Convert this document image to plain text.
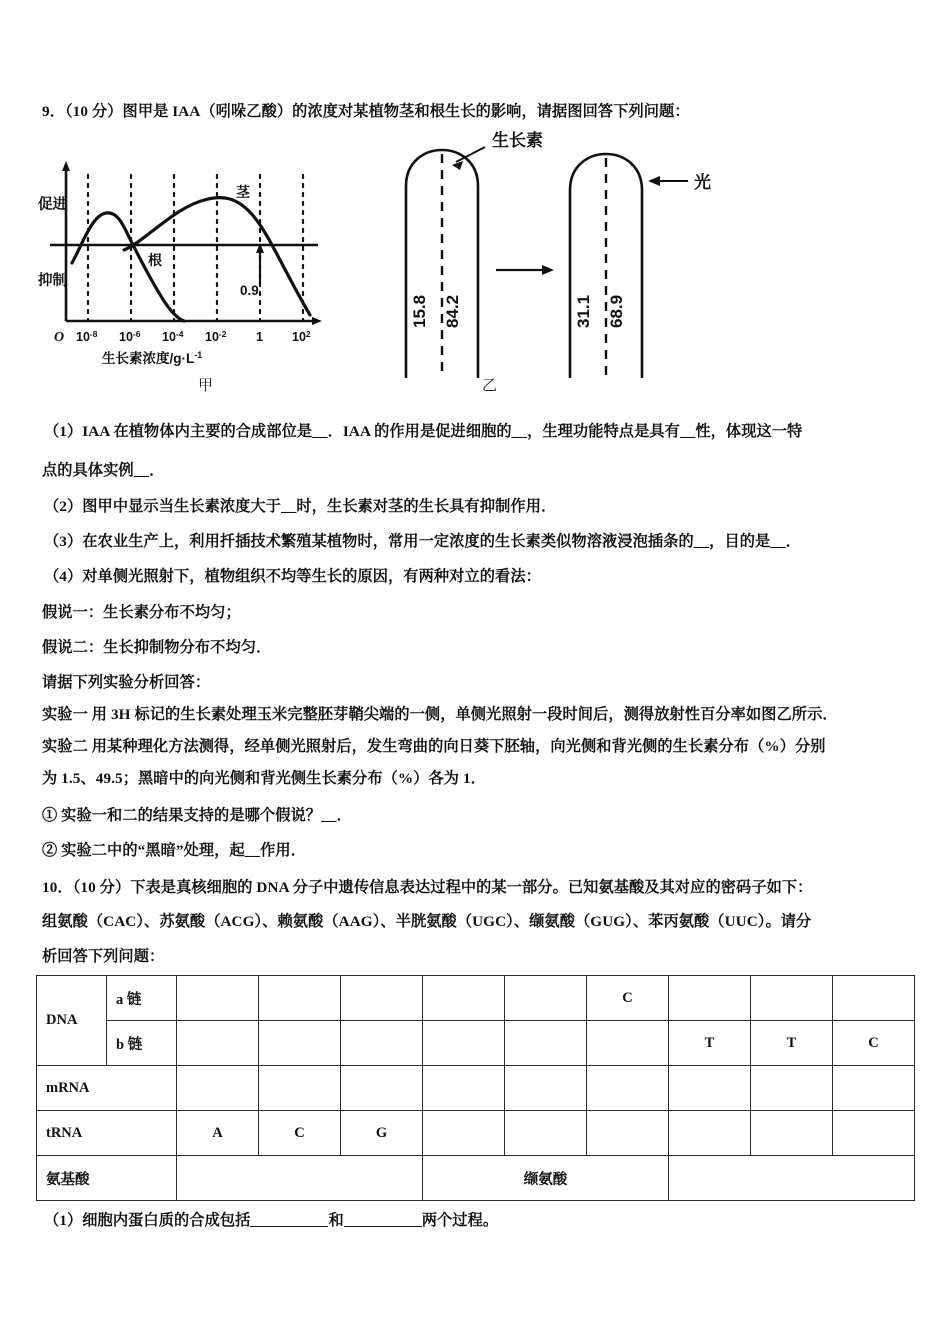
9．（10 分）图甲是 IAA（吲哚乙酸）的浓度对某植物茎和根生长的影响，请据图回答下列问题：
促进
抑制
茎
根
0.9
O $10^{-8}$ $10^{-6}$ $10^{-4}$ $10^{-2}$ 1 $10^2$
生长素浓度$/g\cdot L^{-1}$
15.8 84.2
生长素
31.1 68.9
光
甲	乙
（1）IAA 在植物体内主要的合成部位是__．IAA 的作用是促进细胞的__，生理功能特点是具有__性，体现这一特
点的具体实例__．
（2）图甲中显示当生长素浓度大于__时，生长素对茎的生长具有抑制作用．
（3）在农业生产上，利用扦插技术繁殖某植物时，常用一定浓度的生长素类似物溶液浸泡插条的__，目的是__．
（4）对单侧光照射下，植物组织不均等生长的原因，有两种对立的看法：
假说一：生长素分布不均匀；
假说二：生长抑制物分布不均匀．
请据下列实验分析回答：
实验一 用 3H 标记的生长素处理玉米完整胚芽鞘尖端的一侧，单侧光照射一段时间后，测得放射性百分率如图乙所示．
实验二 用某种理化方法测得，经单侧光照射后，发生弯曲的向日葵下胚轴，向光侧和背光侧的生长素分布（%）分别
为 1.5、49.5；黑暗中的向光侧和背光侧生长素分布（%）各为 1．
① 实验一和二的结果支持的是哪个假说？__．
② 实验二中的“黑暗”处理，起__作用．
10．（10 分）下表是真核细胞的 DNA 分子中遗传信息表达过程中的某一部分。已知氨基酸及其对应的密码子如下：
组氨酸（CAC）、苏氨酸（ACG）、赖氨酸（AAG）、半胱氨酸（UGC）、缬氨酸（GUG）、苯丙氨酸（UUC）。请分
析回答下列问题：
DNA	a 链						C			
	b 链							T	T	C
mRNA										
tRNA		A	C	G						
氨基酸					缬氨酸					
（1）细胞内蛋白质的合成包括	和	两个过程。
